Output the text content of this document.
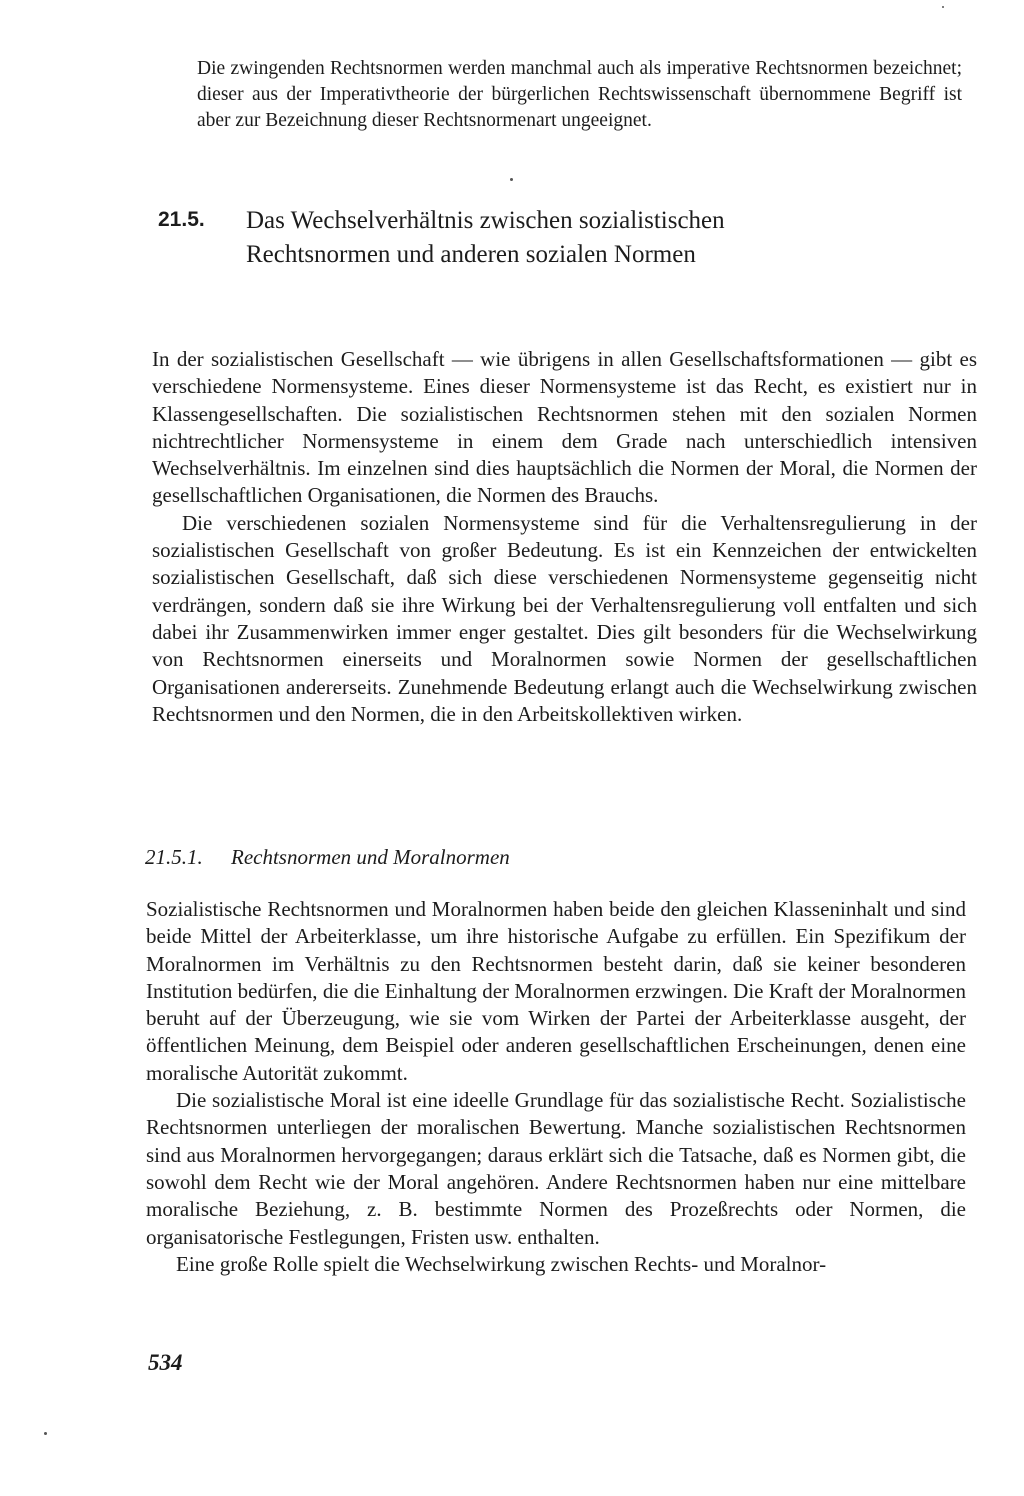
Die zwingenden Rechtsnormen werden manchmal auch als imperative Rechtsnormen bezeichnet; dieser aus der Imperativtheorie der bürgerlichen Rechtswissenschaft übernommene Begriff ist aber zur Bezeichnung dieser Rechtsnormenart ungeeignet.
21.5. Das Wechselverhältnis zwischen sozialistischen Rechtsnormen und anderen sozialen Normen

In der sozialistischen Gesellschaft — wie übrigens in allen Gesellschaftsformationen — gibt es verschiedene Normensysteme. Eines dieser Normensysteme ist das Recht, es existiert nur in Klassengesellschaften. Die sozialistischen Rechtsnormen stehen mit den sozialen Normen nichtrechtlicher Normensysteme in einem dem Grade nach unterschiedlich intensiven Wechselverhältnis. Im einzelnen sind dies hauptsächlich die Normen der Moral, die Normen der gesellschaftlichen Organisationen, die Normen des Brauchs.

Die verschiedenen sozialen Normensysteme sind für die Verhaltensregulierung in der sozialistischen Gesellschaft von großer Bedeutung. Es ist ein Kennzeichen der entwickelten sozialistischen Gesellschaft, daß sich diese verschiedenen Normensysteme gegenseitig nicht verdrängen, sondern daß sie ihre Wirkung bei der Verhaltensregulierung voll entfalten und sich dabei ihr Zusammenwirken immer enger gestaltet. Dies gilt besonders für die Wechselwirkung von Rechtsnormen einerseits und Moralnormen sowie Normen der gesellschaftlichen Organisationen andererseits. Zunehmende Bedeutung erlangt auch die Wechselwirkung zwischen Rechtsnormen und den Normen, die in den Arbeitskollektiven wirken.

21.5.1. Rechtsnormen und Moralnormen

Sozialistische Rechtsnormen und Moralnormen haben beide den gleichen Klasseninhalt und sind beide Mittel der Arbeiterklasse, um ihre historische Aufgabe zu erfüllen. Ein Spezifikum der Moralnormen im Verhältnis zu den Rechtsnormen besteht darin, daß sie keiner besonderen Institution bedürfen, die die Einhaltung der Moralnormen erzwingen. Die Kraft der Moralnormen beruht auf der Überzeugung, wie sie vom Wirken der Partei der Arbeiterklasse ausgeht, der öffentlichen Meinung, dem Beispiel oder anderen gesellschaftlichen Erscheinungen, denen eine moralische Autorität zukommt.

Die sozialistische Moral ist eine ideelle Grundlage für das sozialistische Recht. Sozialistische Rechtsnormen unterliegen der moralischen Bewertung. Manche sozialistischen Rechtsnormen sind aus Moralnormen hervorgegangen; daraus erklärt sich die Tatsache, daß es Normen gibt, die sowohl dem Recht wie der Moral angehören. Andere Rechtsnormen haben nur eine mittelbare moralische Beziehung, z. B. bestimmte Normen des Prozeßrechts oder Normen, die organisatorische Festlegungen, Fristen usw. enthalten.

Eine große Rolle spielt die Wechselwirkung zwischen Rechts- und Moralnor-

534
